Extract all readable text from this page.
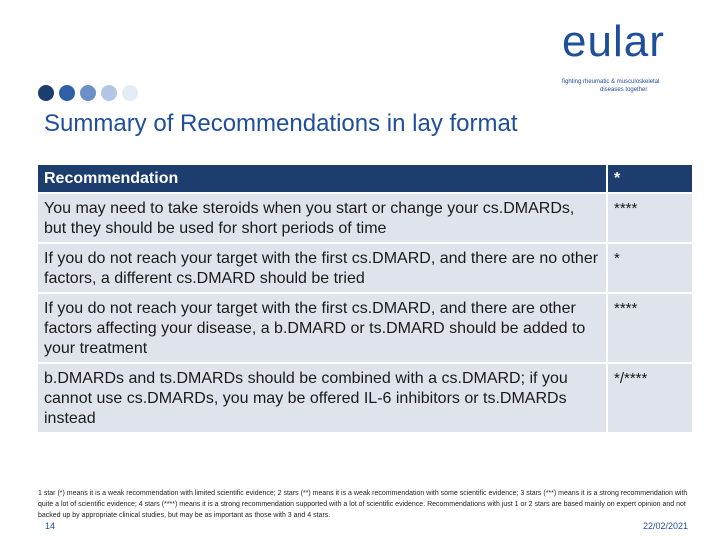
eular
fighting rheumatic & musculoskeletal
diseases together
Summary of Recommendations in lay format
Recommendation	*
You may need to take steroids when you start or change your cs.DMARDs, but they should be used for short periods of time	****
If you do not reach your target with the first cs.DMARD, and there are no other factors, a different cs.DMARD should be tried	*
If you do not reach your target with the first cs.DMARD, and there are other factors affecting your disease, a b.DMARD or ts.DMARD should be added to your treatment	****
b.DMARDs and ts.DMARDs should be combined with a cs.DMARD; if you cannot use cs.DMARDs, you may be offered IL-6 inhibitors or ts.DMARDs instead	*/****
1 star (*) means it is a weak recommendation with limited scientific evidence; 2 stars (**) means it is a weak recommendation with some scientific evidence; 3 stars (***) means it is a strong recommendation with quite a lot of scientific evidence; 4 stars (****) means it is a strong recommendation supported with a lot of scientific evidence. Recommendations with just 1 or 2 stars are based mainly on expert opinion and not backed up by appropriate clinical studies, but may be as important as those with 3 and 4 stars.
14	22/02/2021
